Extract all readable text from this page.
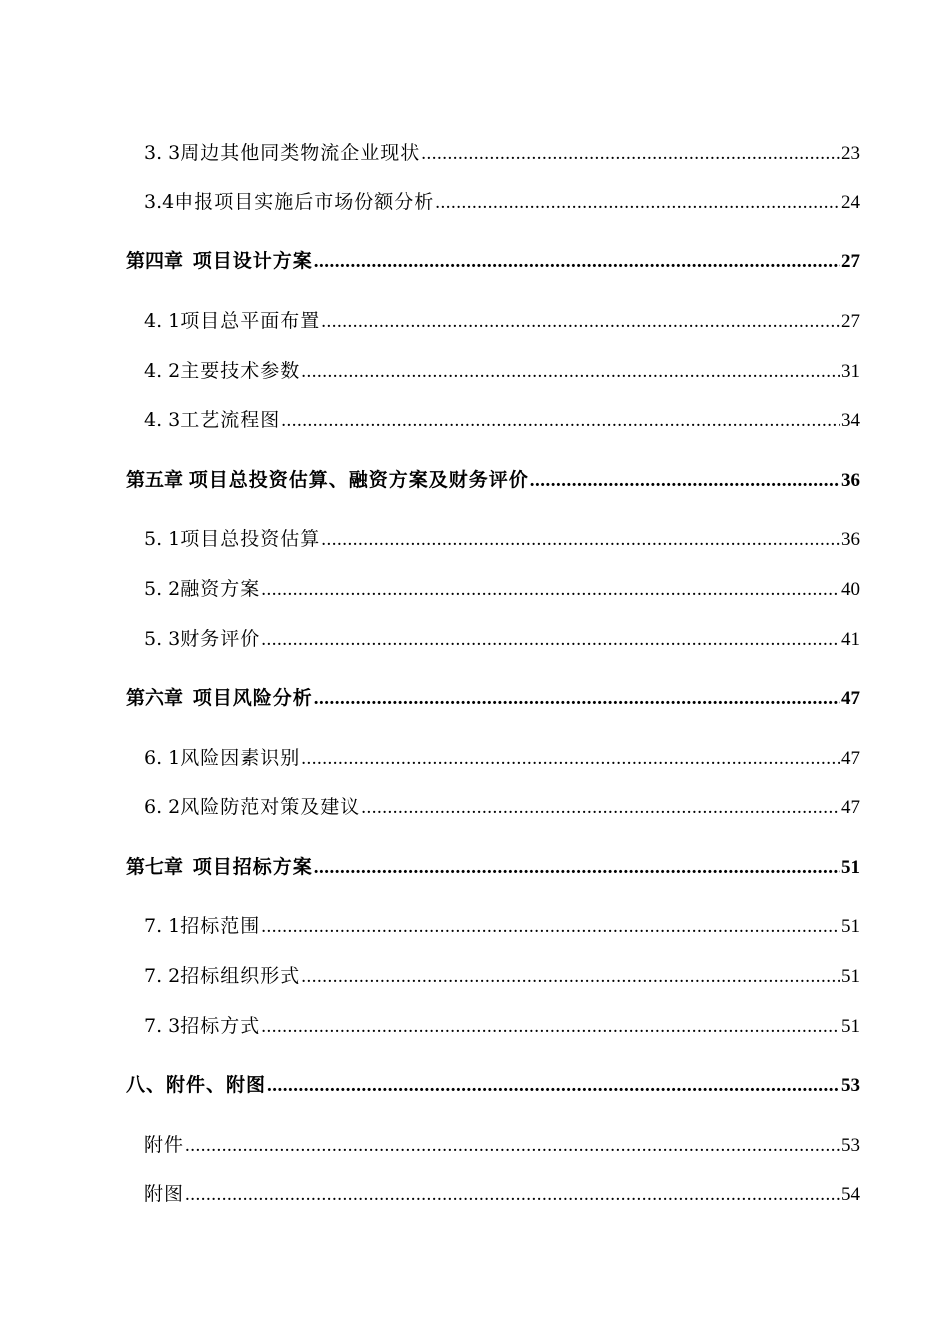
3. 3 周边其他同类物流企业现状 .....	23
3.4 申报项目实施后市场份额分析 .....	24
第四章 项目设计方案 .....	27
4. 1 项目总平面布置 .....	27
4. 2 主要技术参数 .....	31
4. 3 工艺流程图 .....	34
第五章 项目总投资估算、融资方案及财务评价 .....	36
5. 1 项目总投资估算 .....	36
5. 2 融资方案 .....	40
5. 3 财务评价 .....	41
第六章 项目风险分析 .....	47
6. 1 风险因素识别 .....	47
6. 2 风险防范对策及建议 .....	47
第七章 项目招标方案 .....	51
7. 1 招标范围 .....	51
7. 2 招标组织形式 .....	51
7. 3 招标方式 .....	51
八、附件、附图 .....	53
附件 .....	53
附图 .....	54
